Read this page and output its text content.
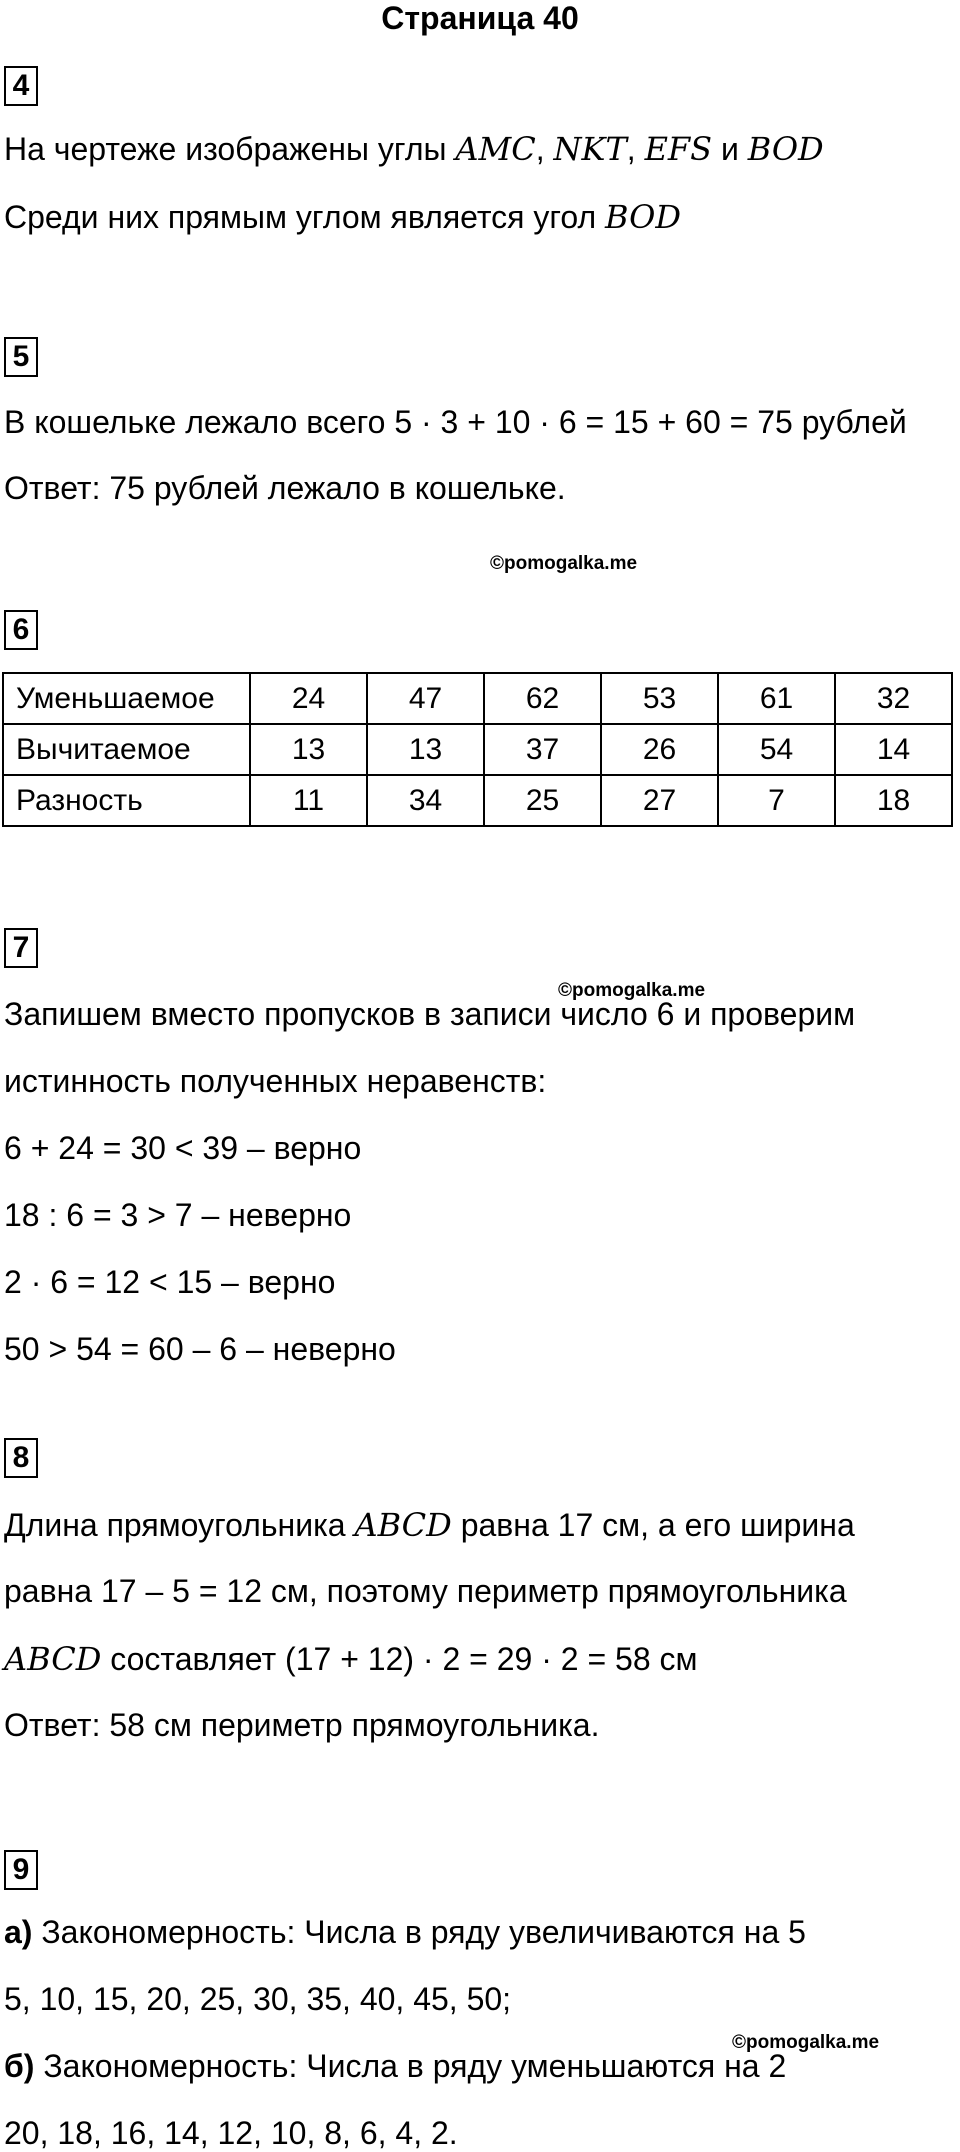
Страница 40
4
На чертеже изображены углы AMC, NKT, EFS и BOD
Среди них прямым углом является угол BOD
5
В кошельке лежало всего 5 · 3 + 10 · 6 = 15 + 60 = 75 рублей
Ответ: 75 рублей лежало в кошельке.
©pomogalka.me
6
Уменьшаемое	24	47	62	53	61	32
Вычитаемое	13	13	37	26	54	14
Разность	11	34	25	27	7	18
7
©pomogalka.me
Запишем вместо пропусков в записи число 6 и проверим
истинность полученных неравенств:
6 + 24 = 30 < 39 – верно
18 : 6 = 3 > 7 – неверно
2 · 6 = 12 < 15 – верно
50 > 54 = 60 – 6 – неверно
8
Длина прямоугольника ABCD равна 17 см, а его ширина
равна 17 – 5 = 12 см, поэтому периметр прямоугольника
ABCD составляет (17 + 12) · 2 = 29 · 2 = 58 см
Ответ: 58 см периметр прямоугольника.
9
а) Закономерность: Числа в ряду увеличиваются на 5
5, 10, 15, 20, 25, 30, 35, 40, 45, 50;
©pomogalka.me
б) Закономерность: Числа в ряду уменьшаются на 2
20, 18, 16, 14, 12, 10, 8, 6, 4, 2.
